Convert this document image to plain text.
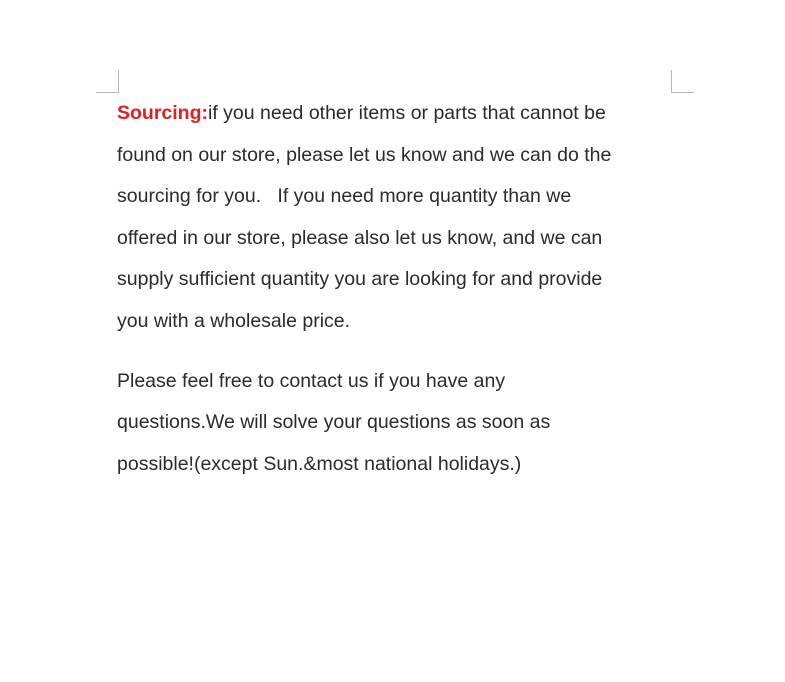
Sourcing:if you need other items or parts that cannot be
found on our store, please let us know and we can do the
sourcing for you.   If you need more quantity than we
offered in our store, please also let us know, and we can
supply sufficient quantity you are looking for and provide
you with a wholesale price.

Please feel free to contact us if you have any
questions.We will solve your questions as soon as
possible!(except Sun.&most national holidays.)
